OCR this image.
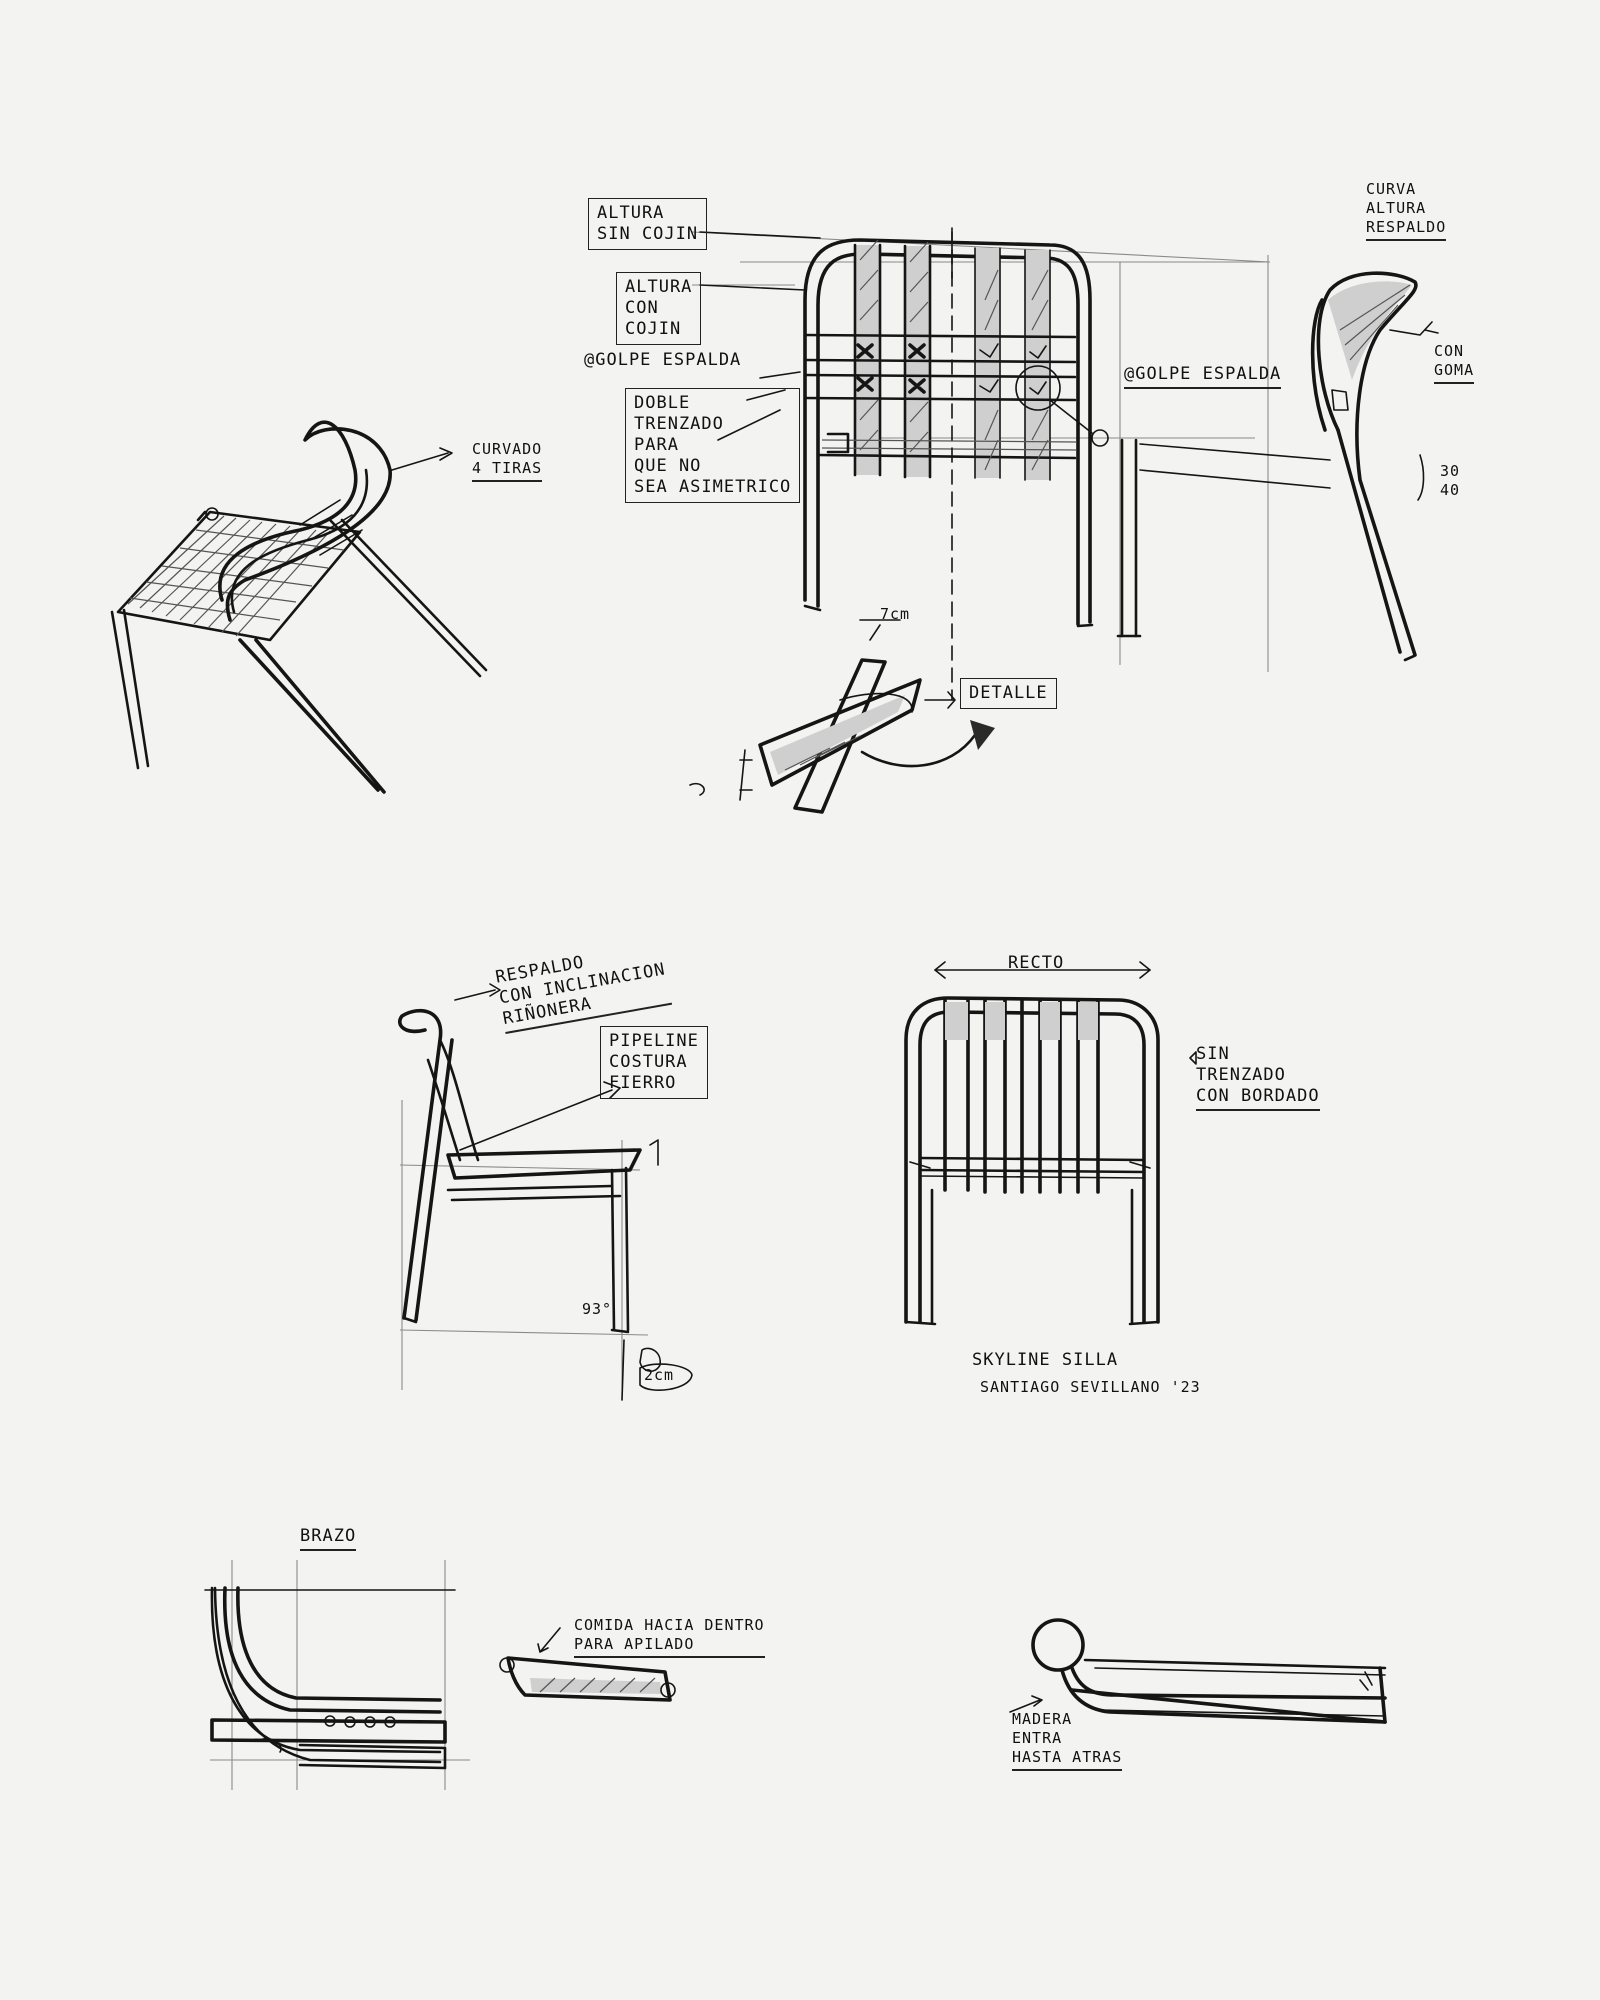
ALTURA
SIN COJIN
ALTURA
CON
COJIN
@GOLPE ESPALDA
DOBLE
TRENZADO
PARA
QUE NO
SEA ASIMETRICO
@GOLPE ESPALDA
CURVA
ALTURA
RESPALDO
CON
GOMA
30
40
CURVADO
4 TIRAS
DETALLE
7cm
RESPALDO
CON INCLINACION
RIÑONERA
PIPELINE
COSTURA
FIERRO
RECTO
SIN
TRENZADO
CON BORDADO
93°
2cm
BRAZO
COMIDA HACIA DENTRO
PARA APILADO
MADERA
ENTRA
HASTA ATRAS
SKYLINE SILLA
SANTIAGO SEVILLANO '23
